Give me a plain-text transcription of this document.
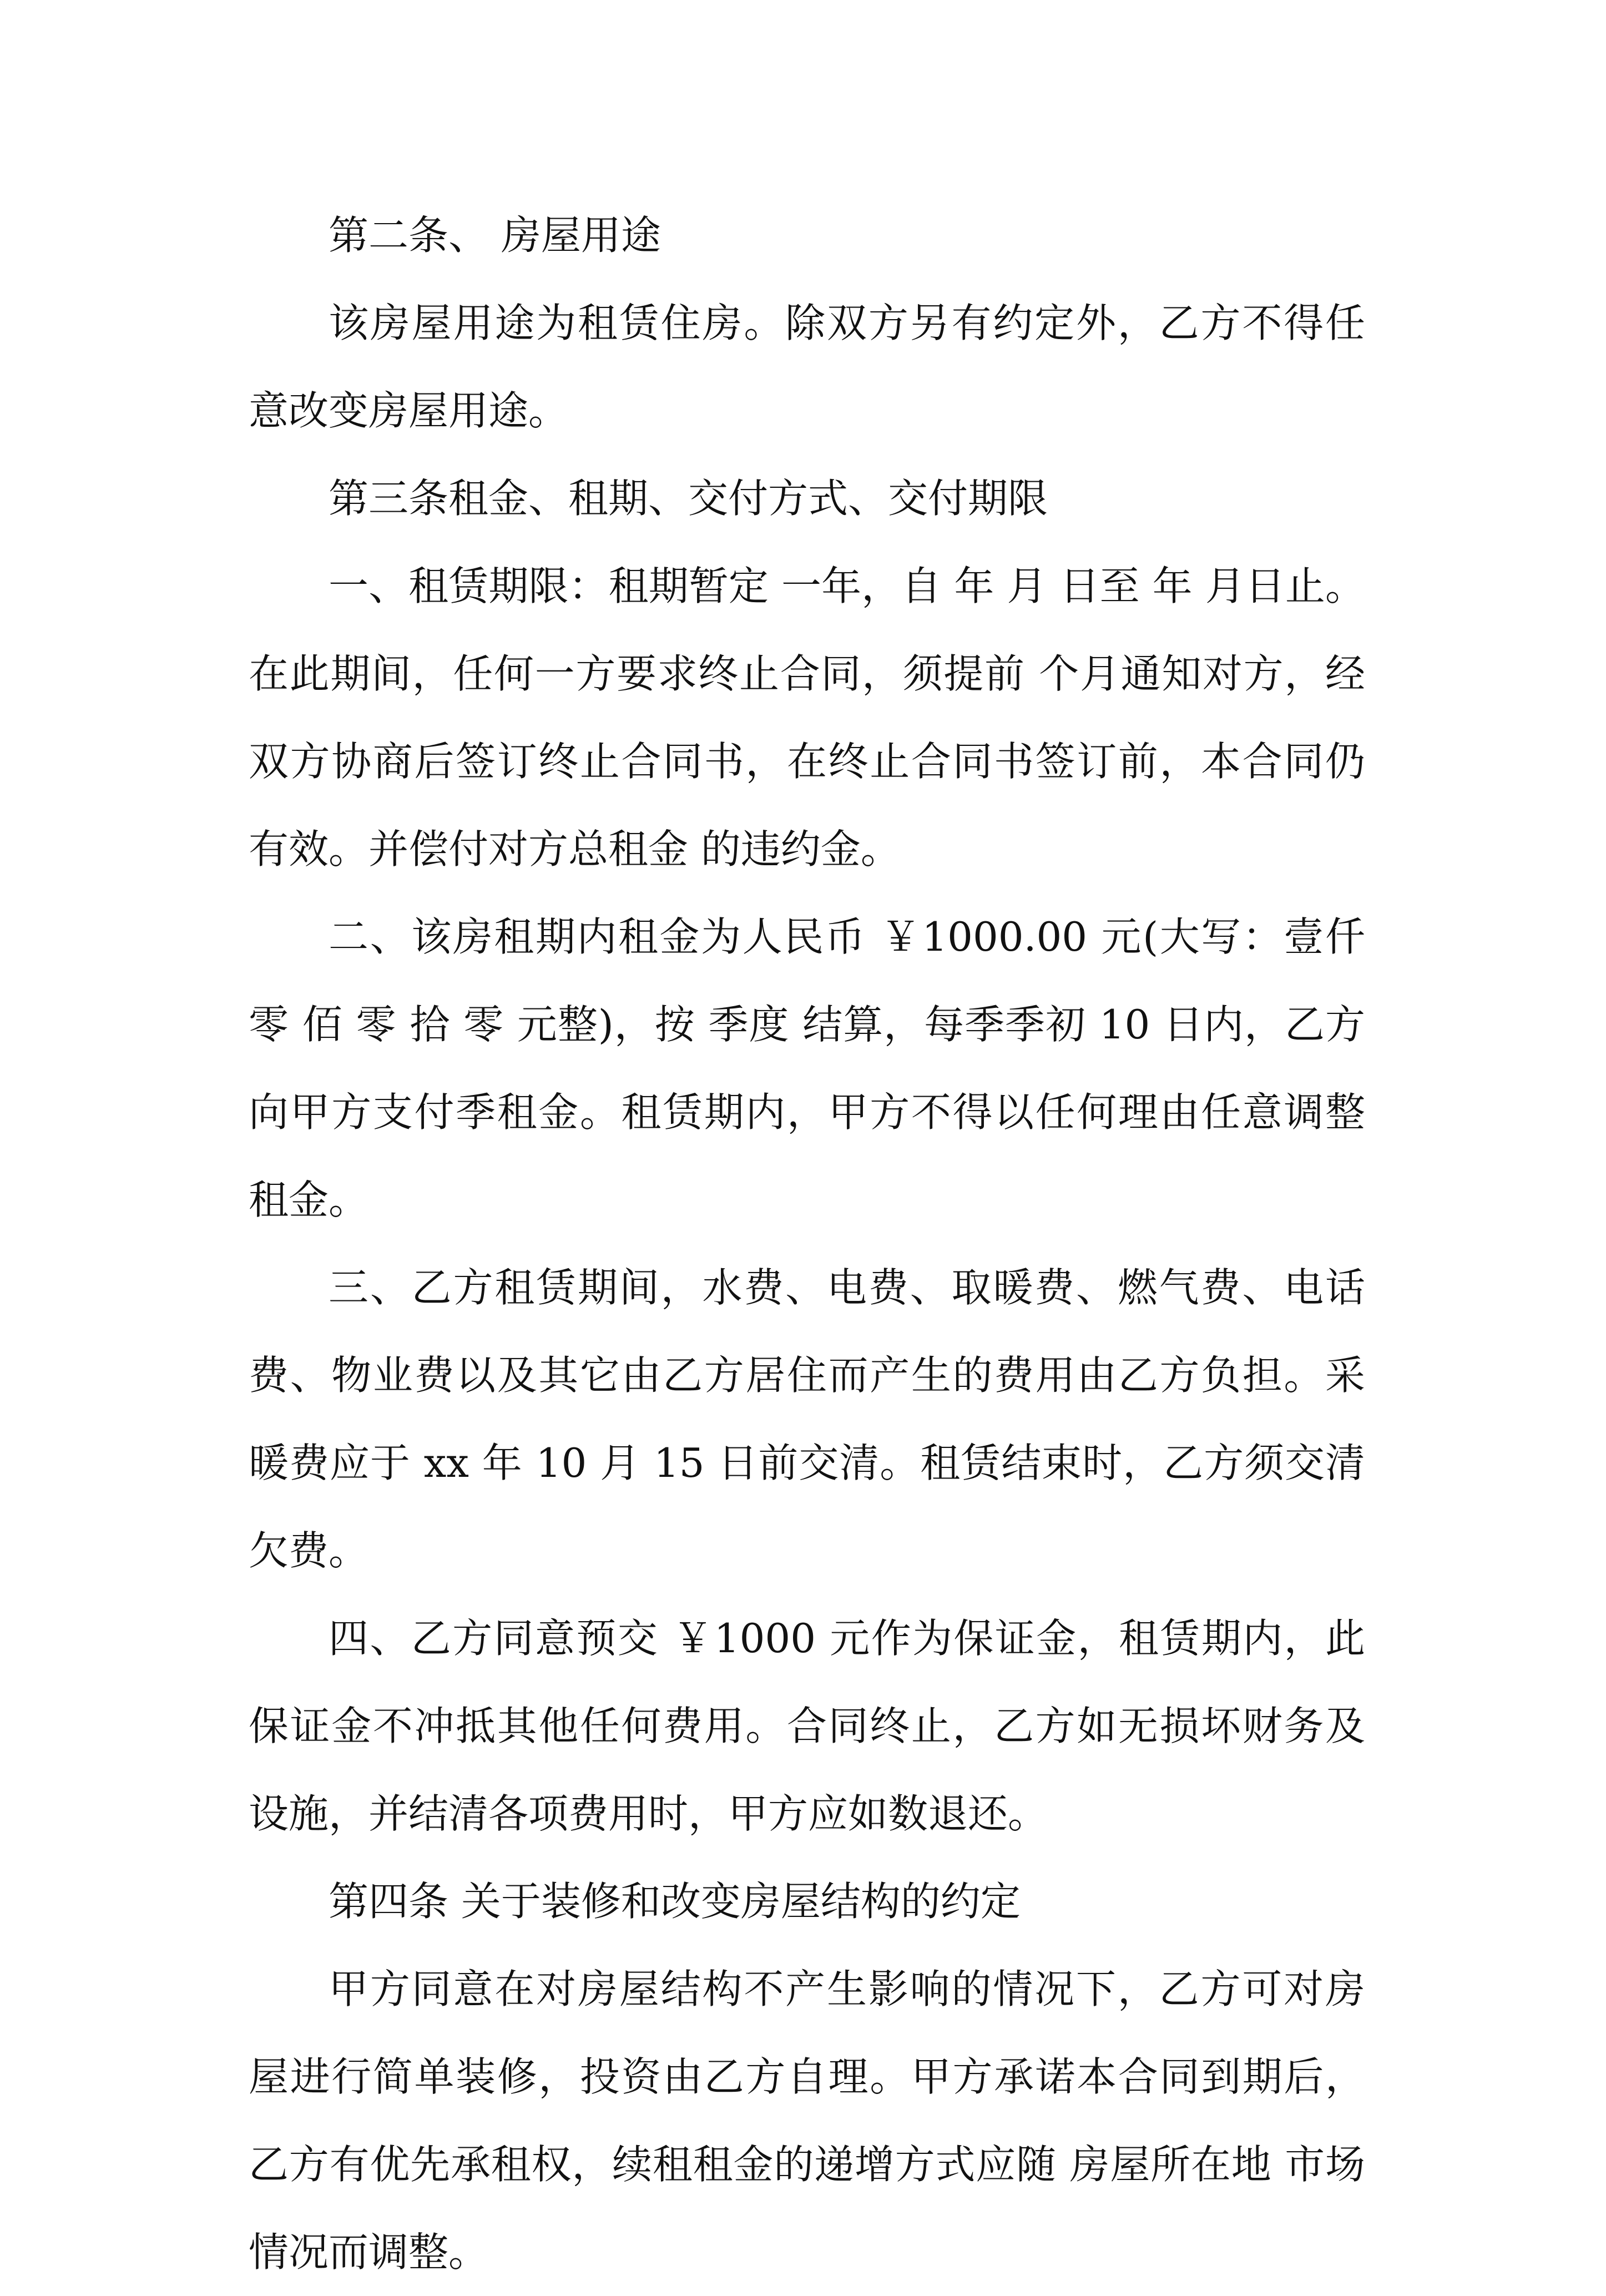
第二条、 房屋用途

该房屋用途为租赁住房。除双方另有约定外，乙方不得任意改变房屋用途。

第三条租金、租期、交付方式、交付期限

一、租赁期限：租期暂定 一年，自 年 月 日至 年 月日止。在此期间，任何一方要求终止合同，须提前 个月通知对方，经双方协商后签订终止合同书，在终止合同书签订前，本合同仍有效。并偿付对方总租金 的违约金。

二、该房租期内租金为人民币 ￥1000.00 元(大写：壹仟 零 佰 零 拾 零 元整)，按 季度 结算，每季季初 10 日内，乙方向甲方支付季租金。租赁期内，甲方不得以任何理由任意调整租金。

三、乙方租赁期间，水费、电费、取暖费、燃气费、电话费、物业费以及其它由乙方居住而产生的费用由乙方负担。采暖费应于 xx 年 10 月 15 日前交清。租赁结束时，乙方须交清欠费。

四、乙方同意预交 ￥1000 元作为保证金，租赁期内，此保证金不冲抵其他任何费用。合同终止，乙方如无损坏财务及设施，并结清各项费用时，甲方应如数退还。

第四条 关于装修和改变房屋结构的约定

甲方同意在对房屋结构不产生影响的情况下，乙方可对房屋进行简单装修，投资由乙方自理。甲方承诺本合同到期后，乙方有优先承租权，续租租金的递增方式应随 房屋所在地 市场情况而调整。
